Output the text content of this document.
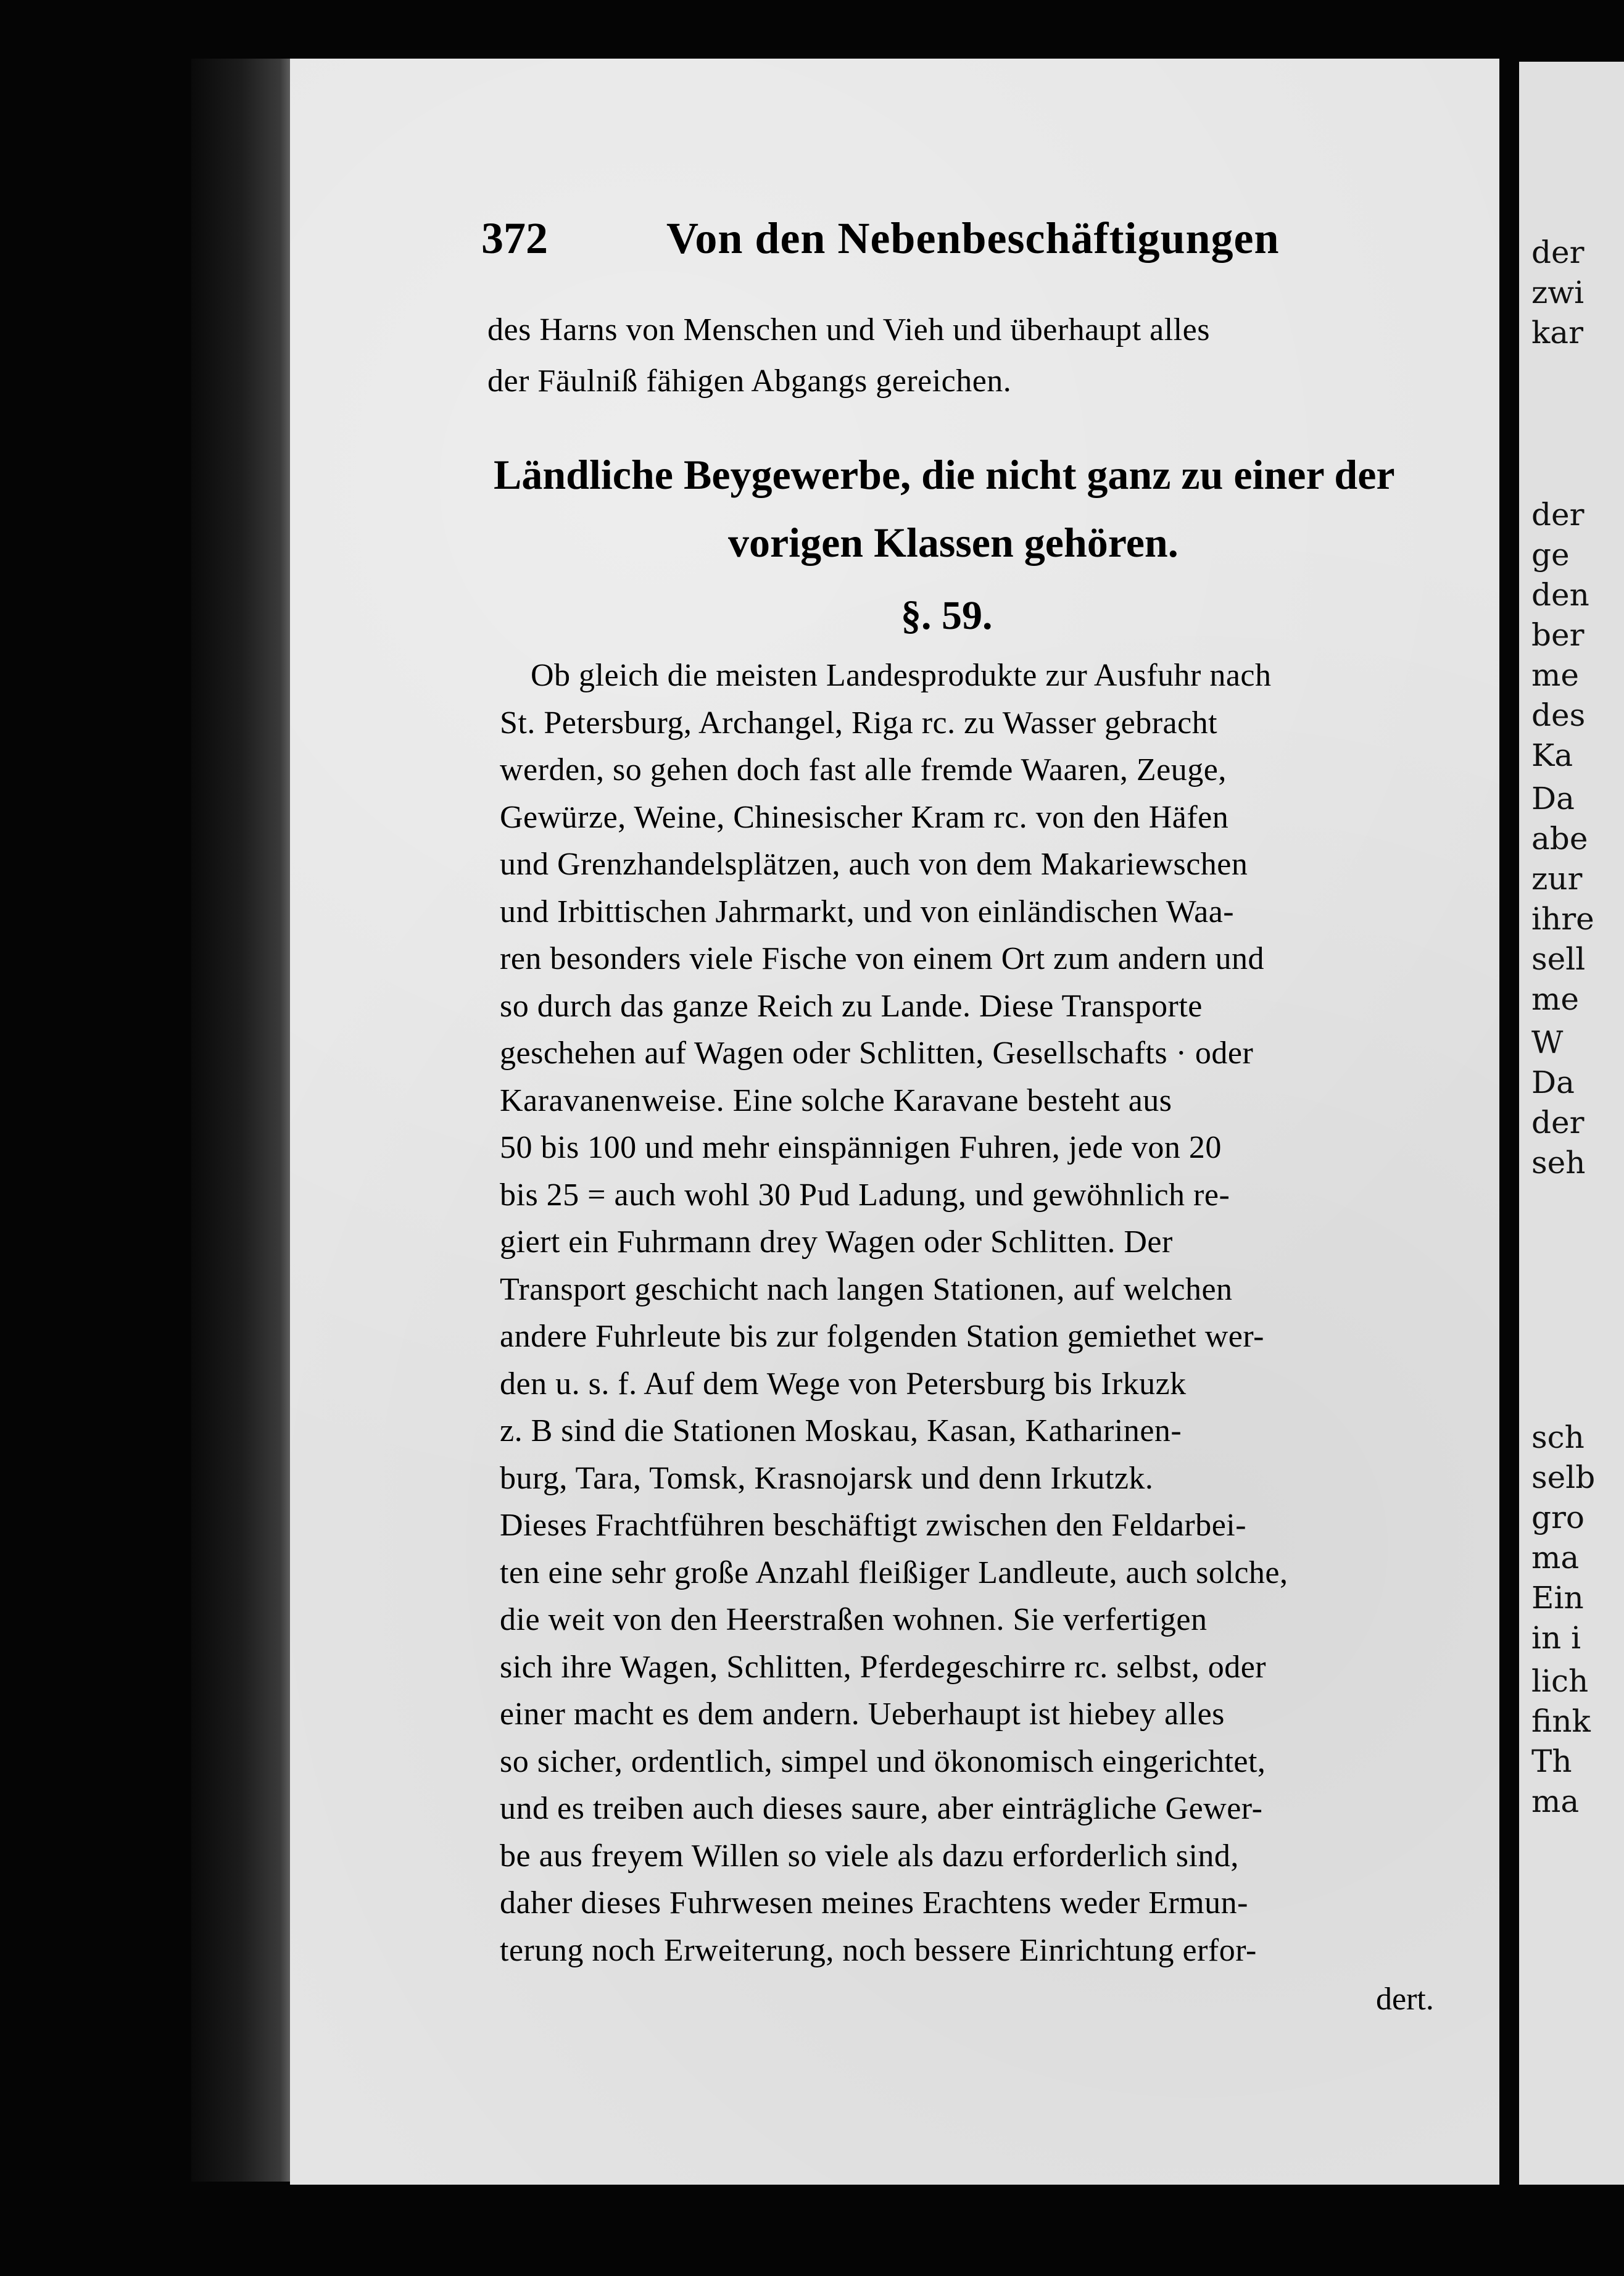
372	Von den Nebenbeschäftigungen
des Harns von Menschen und Vieh und überhaupt alles
der Fäulniß fähigen Abgangs gereichen.
Ländliche Beygewerbe, die nicht ganz zu einer der
vorigen Klassen gehören.
§. 59.
Ob gleich die meisten Landesprodukte zur Ausfuhr nach
St. Petersburg, Archangel, Riga rc. zu Wasser gebracht
werden, so gehen doch fast alle fremde Waaren, Zeuge,
Gewürze, Weine, Chinesischer Kram rc. von den Häfen
und Grenzhandelsplätzen, auch von dem Makariewschen
und Irbittischen Jahrmarkt, und von einländischen Waa-
ren besonders viele Fische von einem Ort zum andern und
so durch das ganze Reich zu Lande. Diese Transporte
geschehen auf Wagen oder Schlitten, Gesellschafts · oder
Karavanenweise. Eine solche Karavane besteht aus
50 bis 100 und mehr einspännigen Fuhren, jede von 20
bis 25 = auch wohl 30 Pud Ladung, und gewöhnlich re-
giert ein Fuhrmann drey Wagen oder Schlitten. Der
Transport geschicht nach langen Stationen, auf welchen
andere Fuhrleute bis zur folgenden Station gemiethet wer-
den u. s. f. Auf dem Wege von Petersburg bis Irkuzk
z. B sind die Stationen Moskau, Kasan, Katharinen-
burg, Tara, Tomsk, Krasnojarsk und denn Irkutzk.
Dieses Frachtführen beschäftigt zwischen den Feldarbei-
ten eine sehr große Anzahl fleißiger Landleute, auch solche,
die weit von den Heerstraßen wohnen. Sie verfertigen
sich ihre Wagen, Schlitten, Pferdegeschirre rc. selbst, oder
einer macht es dem andern. Ueberhaupt ist hiebey alles
so sicher, ordentlich, simpel und ökonomisch eingerichtet,
und es treiben auch dieses saure, aber einträgliche Gewer-
be aus freyem Willen so viele als dazu erforderlich sind,
daher dieses Fuhrwesen meines Erachtens weder Ermun-
terung noch Erweiterung, noch bessere Einrichtung erfor-
dert.
der
zwi
kar
der
ge
den
ber
me
des
Ka
Da
abe
zur
ihre
sell
me
W
Da
der
seh
sch
selb
gro
ma
Ein
in i
lich
fink
Th
ma
